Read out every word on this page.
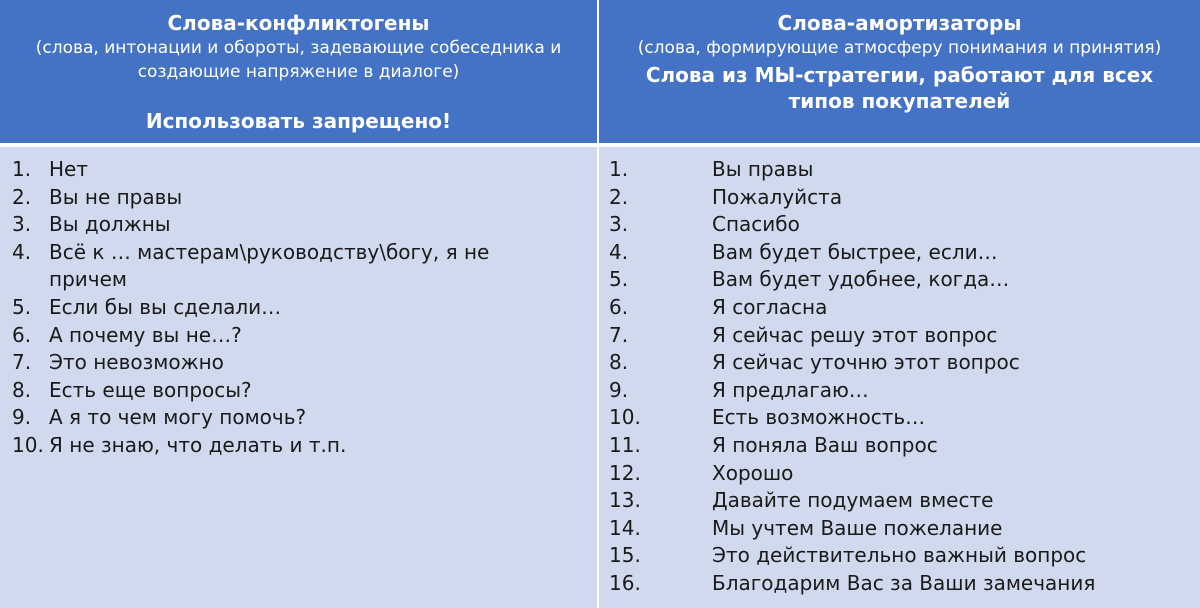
Слова-конфликтогены
(слова, интонации и обороты, задевающие собеседника и создающие напряжение в диалоге)
Использовать запрещено!
Слова-амортизаторы
(слова, формирующие атмосферу понимания и принятия)
Слова из МЫ-стратегии, работают для всех типов покупателей
1. Нет
2. Вы не правы
3. Вы должны
4. Всё к … мастерам\руководству\богу, я не причем
5. Если бы вы сделали…
6. А почему вы не…?
7. Это невозможно
8. Есть еще вопросы?
9. А я то чем могу помочь?
10. Я не знаю, что делать и т.п.
1.	Вы правы
2.	Пожалуйста
3.	Спасибо
4.	Вам будет быстрее, если…
5.	Вам будет удобнее, когда…
6.	Я согласна
7.	Я сейчас решу этот вопрос
8.	Я сейчас уточню этот вопрос
9.	Я предлагаю…
10.	Есть возможность…
11.	Я поняла Ваш вопрос
12.	Хорошо
13.	Давайте подумаем вместе
14.	Мы учтем Ваше пожелание
15.	Это действительно важный вопрос
16.	Благодарим Вас за Ваши замечания
